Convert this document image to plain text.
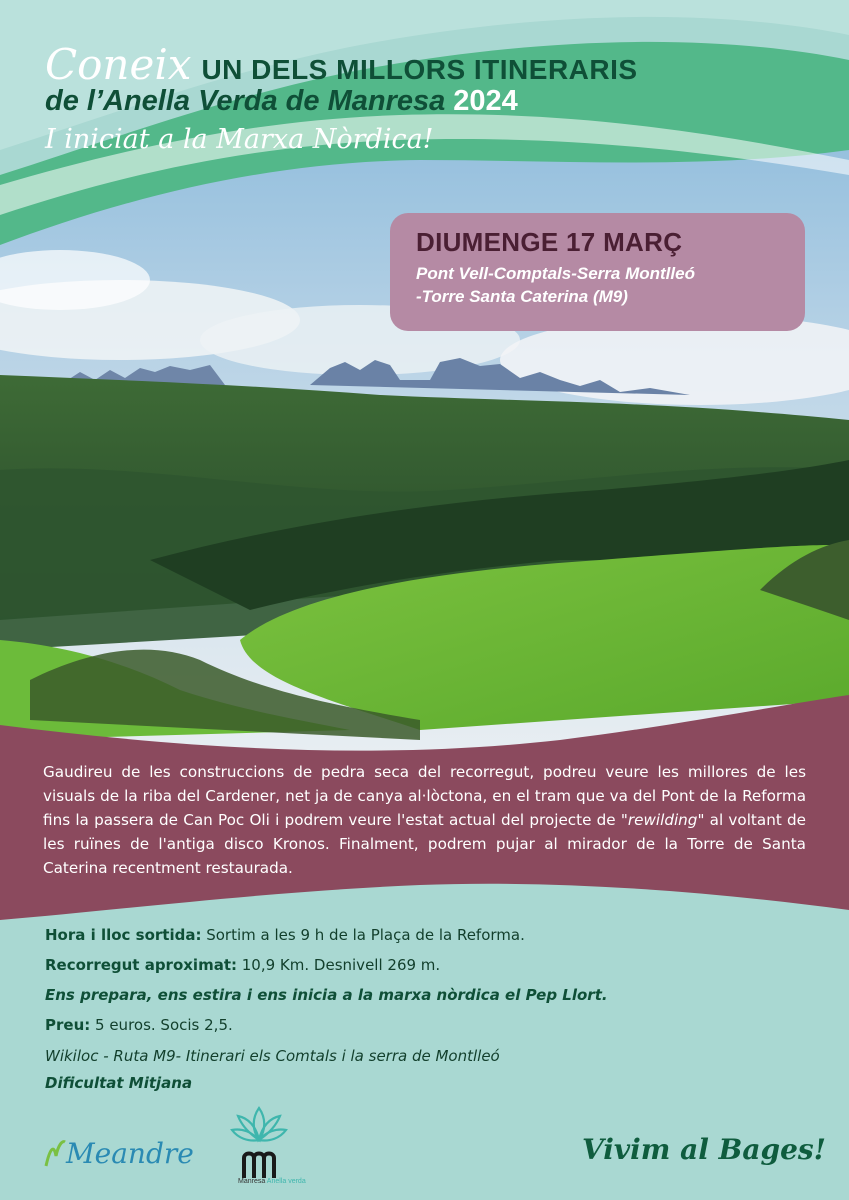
Coneix UN DELS MILLORS ITINERARIS
de l’Anella Verda de Manresa 2024
I iniciat a la Marxa Nòrdica!
DIUMENGE 17 MARÇ
Pont Vell-Comptals-Serra Montlleó
-Torre Santa Caterina (M9)
Gaudireu de les construccions de pedra seca del recorregut, podreu veure les millores de les visuals de la riba del Cardener, net ja de canya al·lòctona, en el tram que va del Pont de la Reforma fins la passera de Can Poc Oli i podrem veure l'estat actual del projecte de "rewilding" al voltant de les ruïnes de l'antiga disco Kronos. Finalment, podrem pujar al mirador de la Torre de Santa Caterina recentment restaurada.
Hora i lloc sortida: Sortim a les 9 h de la Plaça de la Reforma.
Recorregut aproximat: 10,9 Km. Desnivell 269 m.
Ens prepara, ens estira i ens inicia a la marxa nòrdica el Pep Llort.
Preu: 5 euros. Socis 2,5.
Wikiloc - Ruta M9- Itinerari els Comtals i la serra de Montlleó
Dificultat Mitjana
Meandre
Manresa Anella verda
Vivim al Bages!
